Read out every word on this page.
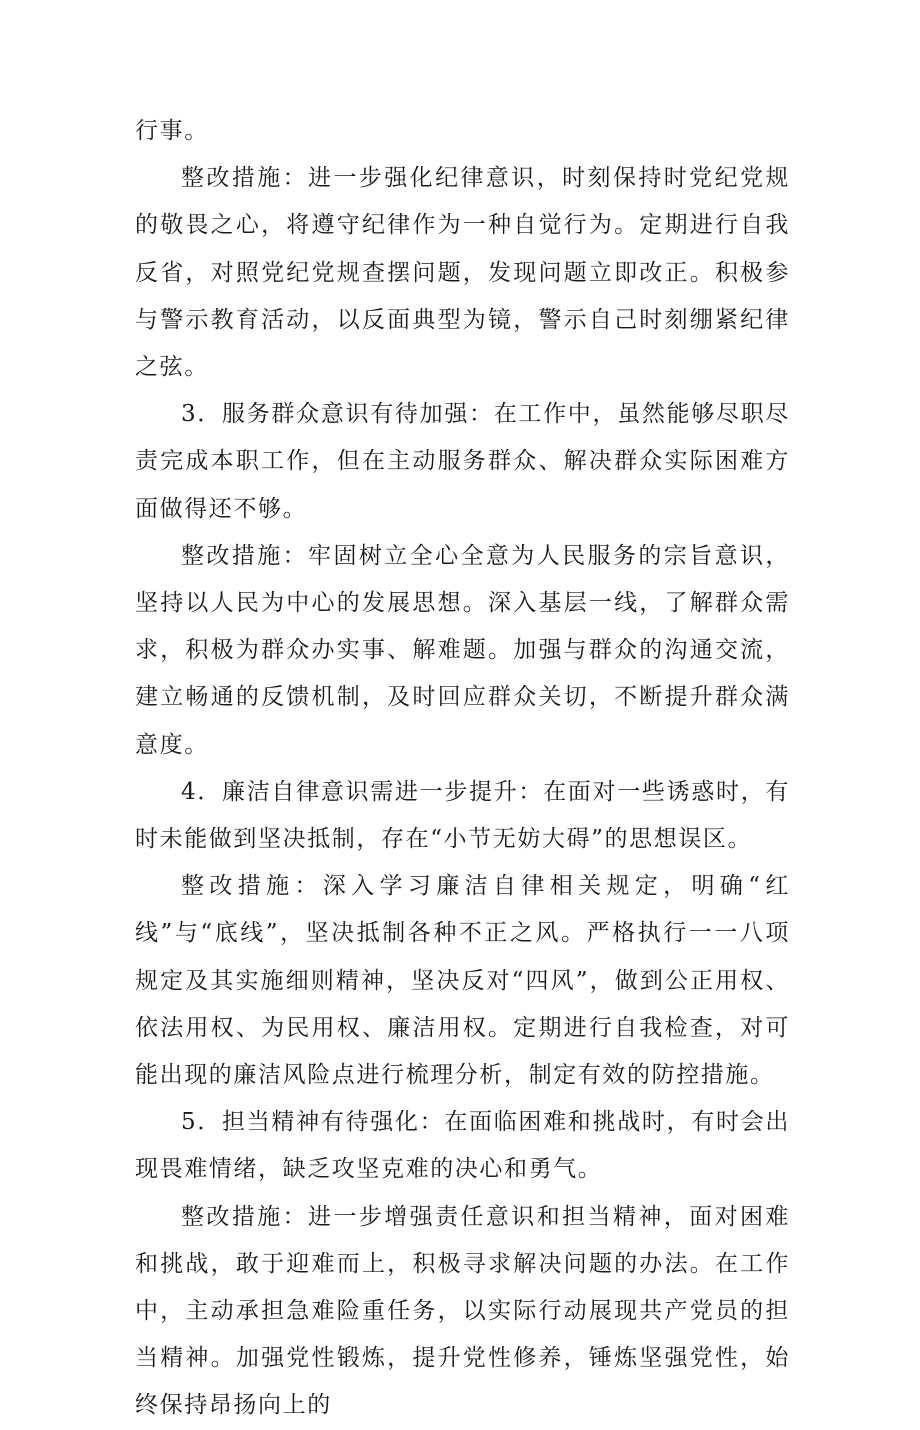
行事。

整改措施：进一步强化纪律意识，时刻保持时党纪党规的敬畏之心，将遵守纪律作为一种自觉行为。定期进行自我反省，对照党纪党规查摆问题，发现问题立即改正。积极参与警示教育活动，以反面典型为镜，警示自己时刻绷紧纪律之弦。

3．服务群众意识有待加强：在工作中，虽然能够尽职尽责完成本职工作，但在主动服务群众、解决群众实际困难方面做得还不够。

整改措施：牢固树立全心全意为人民服务的宗旨意识，坚持以人民为中心的发展思想。深入基层一线，了解群众需求，积极为群众办实事、解难题。加强与群众的沟通交流，建立畅通的反馈机制，及时回应群众关切，不断提升群众满意度。

4．廉洁自律意识需进一步提升：在面对一些诱惑时，有时未能做到坚决抵制，存在“小节无妨大碍”的思想误区。

整改措施：深入学习廉洁自律相关规定，明确“红线”与“底线”，坚决抵制各种不正之风。严格执行一一八项规定及其实施细则精神，坚决反对“四风”，做到公正用权、依法用权、为民用权、廉洁用权。定期进行自我检查，对可能出现的廉洁风险点进行梳理分析，制定有效的防控措施。

5．担当精神有待强化：在面临困难和挑战时，有时会出现畏难情绪，缺乏攻坚克难的决心和勇气。

整改措施：进一步增强责任意识和担当精神，面对困难和挑战，敢于迎难而上，积极寻求解决问题的办法。在工作中，主动承担急难险重任务，以实际行动展现共产党员的担当精神。加强党性锻炼，提升党性修养，锤炼坚强党性，始终保持昂扬向上的
